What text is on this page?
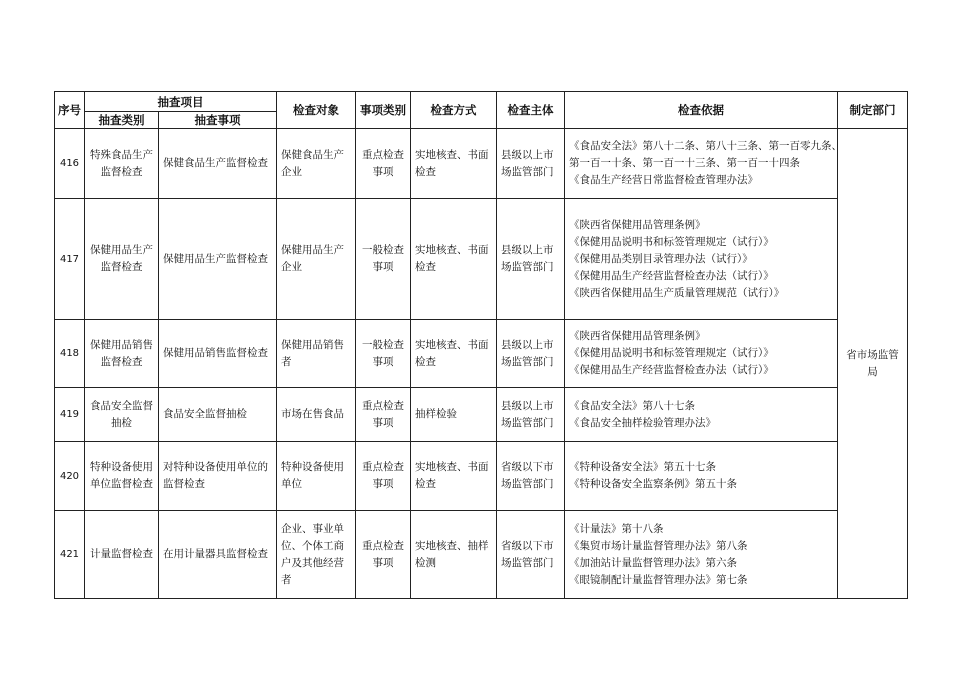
序号	抽查项目		检查对象	事项类别	检查方式	检查主体	检查依据	制定部门
	抽查类别	抽查事项						
416	特殊食品生产监督检查	保健食品生产监督检查	保健食品生产企业	重点检查事项	实地核查、书面检查	县级以上市场监管部门	《食品安全法》第八十二条、第八十三条、第一百零九条、
第一百一十条、第一百一十三条、第一百一十四条
《食品生产经营日常监督检查管理办法》	省市场监管局
417	保健用品生产监督检查	保健用品生产监督检查	保健用品生产企业	一般检查事项	实地核查、书面检查	县级以上市场监管部门	《陕西省保健用品管理条例》
《保健用品说明书和标签管理规定（试行）》
《保健用品类别目录管理办法（试行）》
《保健用品生产经营监督检查办法（试行）》
《陕西省保健用品生产质量管理规范（试行）》	

418	保健用品销售监督检查	保健用品销售监督检查	保健用品销售者	一般检查事项	实地核查、书面检查	县级以上市场监管部门	《陕西省保健用品管理条例》
《保健用品说明书和标签管理规定（试行）》
《保健用品生产经营监督检查办法（试行）》	

419	食品安全监督抽检	食品安全监督抽检	市场在售食品	重点检查事项	抽样检验	县级以上市场监管部门	《食品安全法》第八十七条
《食品安全抽样检验管理办法》	

420	特种设备使用单位监督检查	对特种设备使用单位的监督检查	特种设备使用单位	重点检查事项	实地核查、书面检查	省级以下市场监管部门	《特种设备安全法》第五十七条
《特种设备安全监察条例》第五十条	

421	计量监督检查	在用计量器具监督检查	企业、事业单位、个体工商户及其他经营者	重点检查事项	实地核查、抽样检测	省级以下市场监管部门	《计量法》第十八条
《集贸市场计量监督管理办法》第八条
《加油站计量监督管理办法》第六条
《眼镜制配计量监督管理办法》第七条	
